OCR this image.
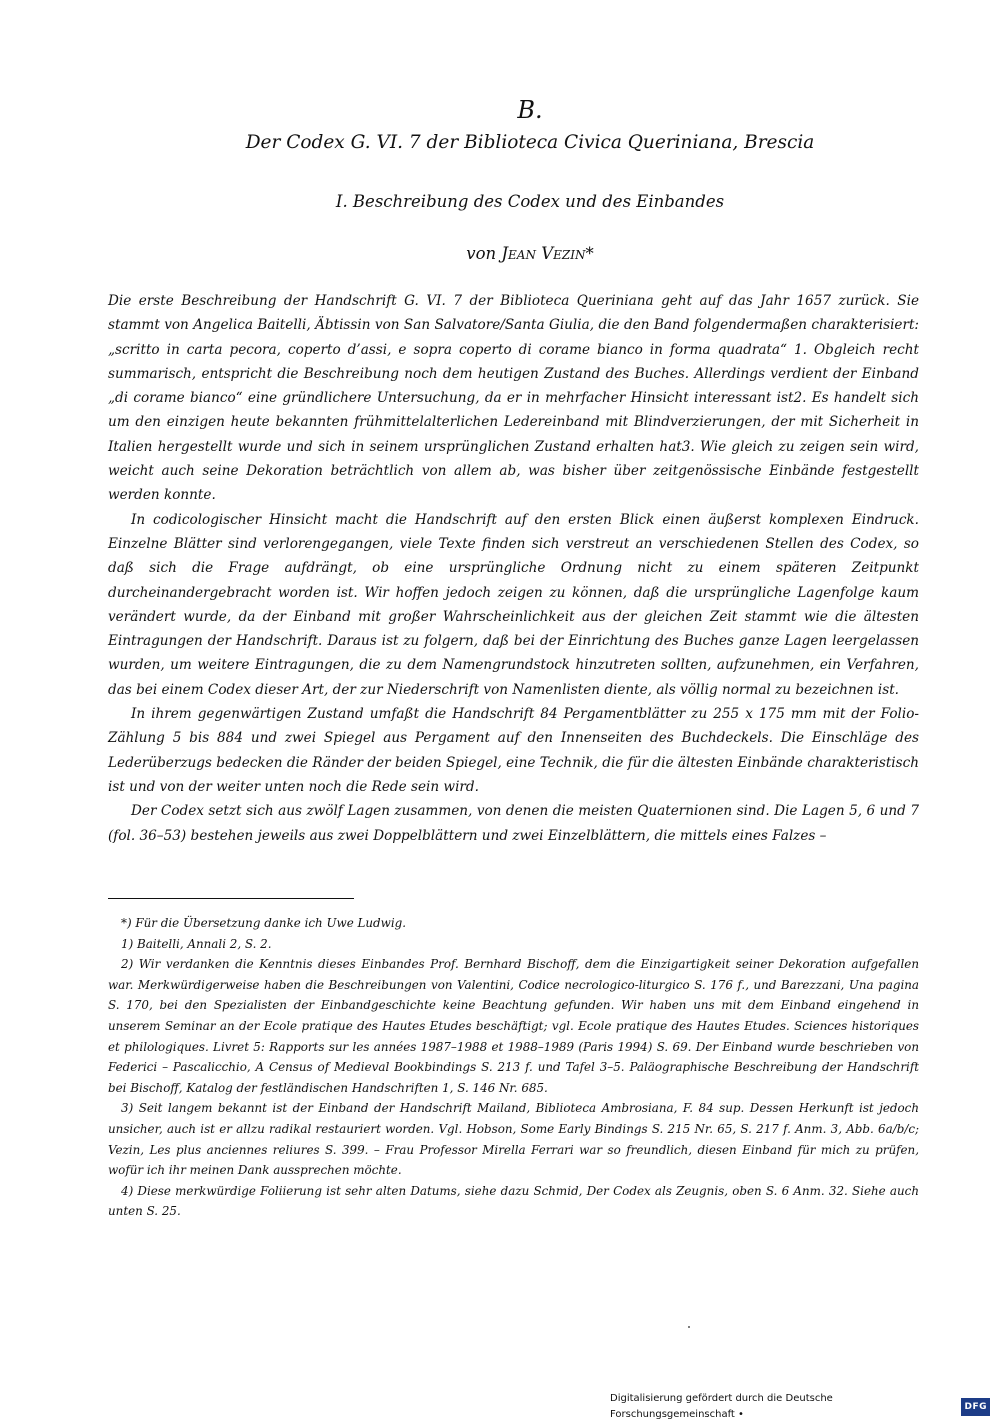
B.
Der Codex G. VI. 7 der Biblioteca Civica Queriniana, Brescia
I. Beschreibung des Codex und des Einbandes
von Jean Vezin*

Die erste Beschreibung der Handschrift G. VI. 7 der Biblioteca Queriniana geht auf das Jahr 1657 zurück. Sie stammt von Angelica Baitelli, Äbtissin von San Salvatore/Santa Giulia, die den Band folgendermaßen charakterisiert: „scritto in carta pecora, coperto d’assi, e sopra coperto di corame bianco in forma quadrata“ 1. Obgleich recht summarisch, entspricht die Beschreibung noch dem heutigen Zustand des Buches. Allerdings verdient der Einband „di corame bianco“ eine gründlichere Untersuchung, da er in mehrfacher Hinsicht interessant ist2. Es handelt sich um den einzigen heute bekannten frühmittelalterlichen Ledereinband mit Blindverzierungen, der mit Sicherheit in Italien hergestellt wurde und sich in seinem ursprünglichen Zustand erhalten hat3. Wie gleich zu zeigen sein wird, weicht auch seine Dekoration beträchtlich von allem ab, was bisher über zeitgenössische Einbände festgestellt werden konnte.

In codicologischer Hinsicht macht die Handschrift auf den ersten Blick einen äußerst komplexen Eindruck. Einzelne Blätter sind verlorengegangen, viele Texte finden sich verstreut an verschiedenen Stellen des Codex, so daß sich die Frage aufdrängt, ob eine ursprüngliche Ordnung nicht zu einem späteren Zeitpunkt durcheinandergebracht worden ist. Wir hoffen jedoch zeigen zu können, daß die ursprüngliche Lagenfolge kaum verändert wurde, da der Einband mit großer Wahrscheinlichkeit aus der gleichen Zeit stammt wie die ältesten Eintragungen der Handschrift. Daraus ist zu folgern, daß bei der Einrichtung des Buches ganze Lagen leergelassen wurden, um weitere Eintragungen, die zu dem Namengrundstock hinzutreten sollten, aufzunehmen, ein Verfahren, das bei einem Codex dieser Art, der zur Niederschrift von Namenlisten diente, als völlig normal zu bezeichnen ist.

In ihrem gegenwärtigen Zustand umfaßt die Handschrift 84 Pergamentblätter zu 255 x 175 mm mit der Folio-Zählung 5 bis 884 und zwei Spiegel aus Pergament auf den Innenseiten des Buchdeckels. Die Einschläge des Lederüberzugs bedecken die Ränder der beiden Spiegel, eine Technik, die für die ältesten Einbände charakteristisch ist und von der weiter unten noch die Rede sein wird.

Der Codex setzt sich aus zwölf Lagen zusammen, von denen die meisten Quaternionen sind. Die Lagen 5, 6 und 7 (fol. 36–53) bestehen jeweils aus zwei Doppelblättern und zwei Einzelblättern, die mittels eines Falzes –

*) Für die Übersetzung danke ich Uwe Ludwig.

1) Baitelli, Annali 2, S. 2.

2) Wir verdanken die Kenntnis dieses Einbandes Prof. Bernhard Bischoff, dem die Einzigartigkeit seiner Dekoration aufgefallen war. Merkwürdigerweise haben die Beschreibungen von Valentini, Codice necrologico-liturgico S. 176 f., und Barezzani, Una pagina S. 170, bei den Spezialisten der Einbandgeschichte keine Beachtung gefunden. Wir haben uns mit dem Einband eingehend in unserem Seminar an der Ecole pratique des Hautes Etudes beschäftigt; vgl. Ecole pratique des Hautes Etudes. Sciences historiques et philologiques. Livret 5: Rapports sur les années 1987–1988 et 1988–1989 (Paris 1994) S. 69. Der Einband wurde beschrieben von Federici – Pascalicchio, A Census of Medieval Bookbindings S. 213 f. und Tafel 3–5. Paläographische Beschreibung der Handschrift bei Bischoff, Katalog der festländischen Handschriften 1, S. 146 Nr. 685.

3) Seit langem bekannt ist der Einband der Handschrift Mailand, Biblioteca Ambrosiana, F. 84 sup. Dessen Herkunft ist jedoch unsicher, auch ist er allzu radikal restauriert worden. Vgl. Hobson, Some Early Bindings S. 215 Nr. 65, S. 217 f. Anm. 3, Abb. 6a/b/c; Vezin, Les plus anciennes reliures S. 399. – Frau Professor Mirella Ferrari war so freundlich, diesen Einband für mich zu prüfen, wofür ich ihr meinen Dank aussprechen möchte.

4) Diese merkwürdige Foliierung ist sehr alten Datums, siehe dazu Schmid, Der Codex als Zeugnis, oben S. 6 Anm. 32. Siehe auch unten S. 25.

Digitalisierung gefördert durch die Deutsche Forschungsgemeinschaft •
DFG
